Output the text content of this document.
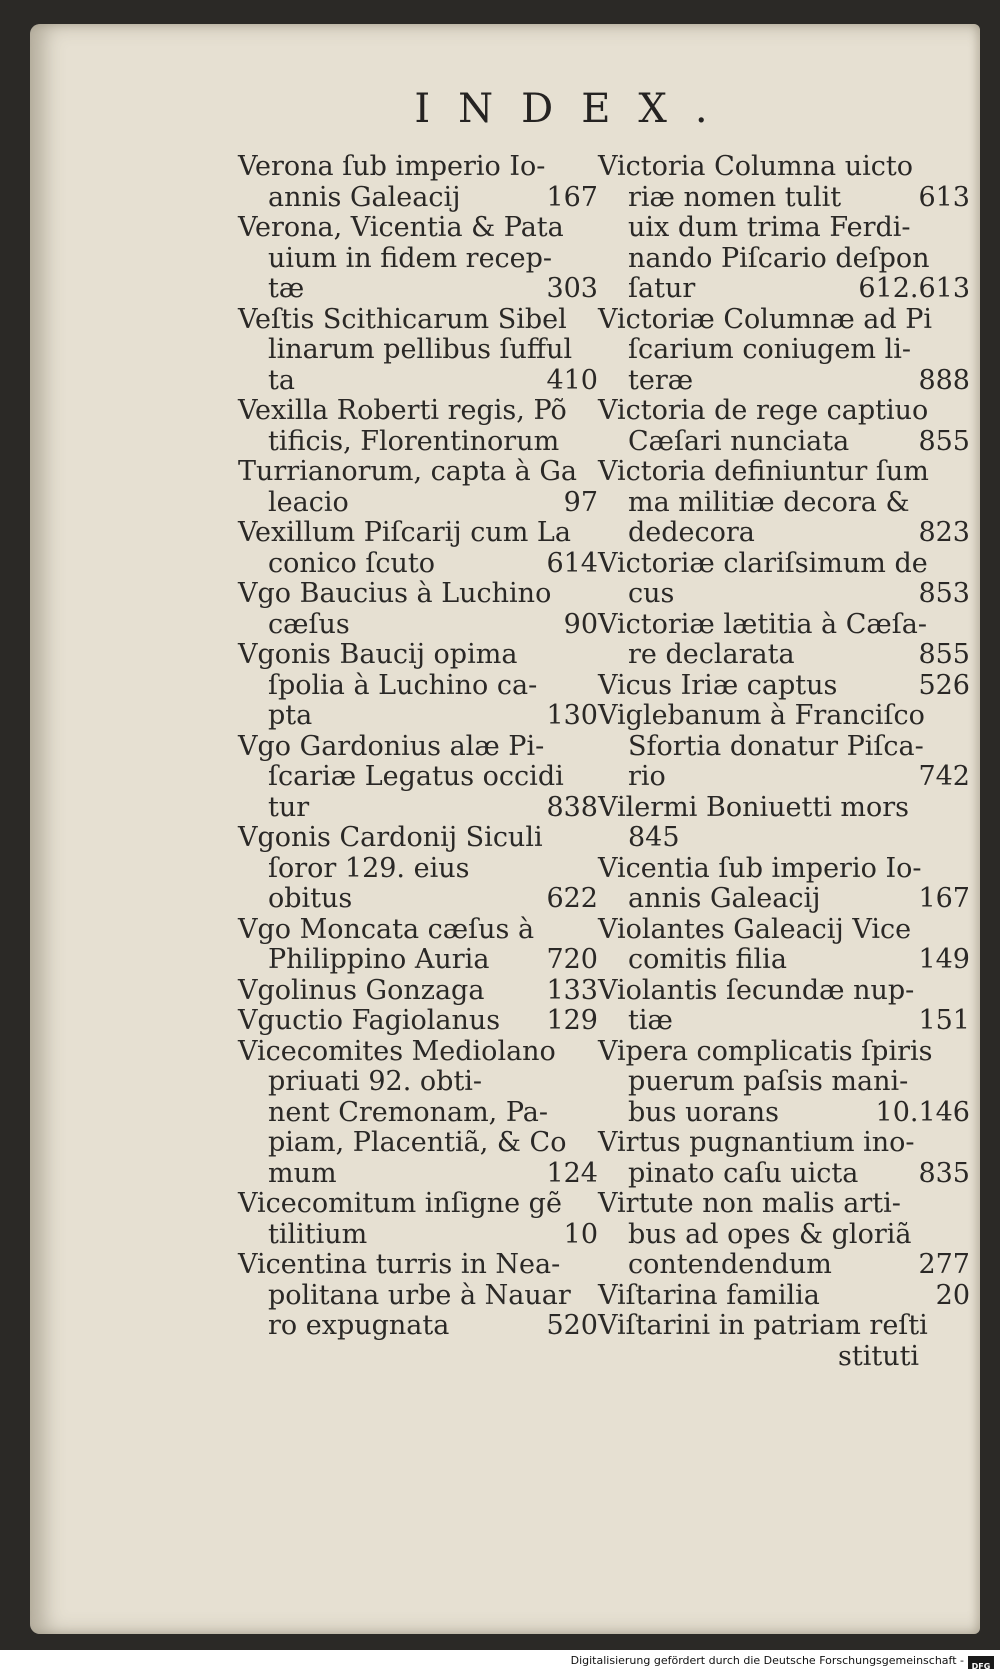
INDEX.
Verona ſub imperio Io-
annis Galeacij	167
Verona, Vicentia & Pata
uium in fidem recep-
tæ	303
Veſtis Scithicarum Sibel
linarum pellibus ſufful
ta	410
Vexilla Roberti regis, Põ
tificis, Florentinorum
Turrianorum, capta à Ga
leacio	97
Vexillum Piſcarij cum La
conico ſcuto	614
Vgo Baucius à Luchino
cæſus	90
Vgonis Baucij opima
ſpolia à Luchino ca-
pta	130
Vgo Gardonius alæ Pi-
ſcariæ Legatus occidi
tur	838
Vgonis Cardonij Siculi
ſoror 129. eius
obitus	622
Vgo Moncata cæſus à
Philippino Auria 720
Vgolinus Gonzaga 133
Vguctio Fagiolanus 129
Vicecomites Mediolano
priuati 92. obti-
nent Cremonam, Pa-
piam, Placentiã, & Co
mum	124
Vicecomitum inſigne gẽ
tilitium	10
Vicentina turris in Nea-
politana urbe à Nauar
ro expugnata	520
Victoria Columna uicto
riæ nomen tulit	613
uix dum trima Ferdi-
nando Piſcario deſpon
ſatur	612.613
Victoriæ Columnæ ad Pi
ſcarium coniugem li-
teræ	888
Victoria de rege captiuo
Cæſari nunciata	855
Victoria definiuntur ſum
ma militiæ decora &
dedecora	823
Victoriæ clariſsimum de
cus	853
Victoriæ lætitia à Cæſa-
re declarata	855
Vicus Iriæ captus	526
Viglebanum à Franciſco
Sfortia donatur Piſca-
rio	742
Vilermi Boniuetti mors
845
Vicentia ſub imperio Io-
annis Galeacij	167
Violantes Galeacij Vice
comitis filia	149
Violantis ſecundæ nup-
tiæ	151
Vipera complicatis ſpiris
puerum paſsis mani-
bus uorans	10.146
Virtus pugnantium ino-
pinato caſu uicta 835
Virtute non malis arti-
bus ad opes & gloriã
contendendum	277
Viſtarina familia	20
Viſtarini in patriam reſti
stituti
Digitalisierung gefördert durch die Deutsche Forschungsgemeinschaft - DFG
